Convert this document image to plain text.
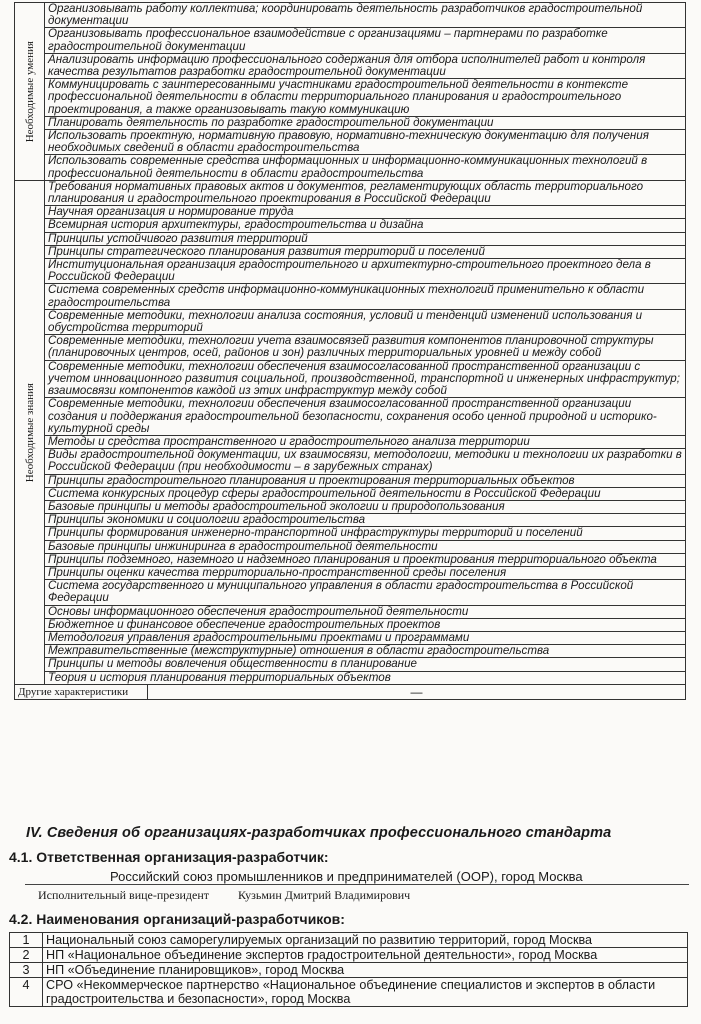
Необходимые умения	Организовывать работу коллектива; координировать деятельность разработчиков градостроительной документации	
	Организовывать профессиональное взаимодействие с организациями – партнерами по разработке градостроительной документации	
	Анализировать информацию профессионального содержания для отбора исполнителей работ и контроля качества результатов разработки градостроительной документации	
	Коммуницировать с заинтересованными участниками градостроительной деятельности в контексте профессиональной деятельности в области территориального планирования и градостроительного проектирования, а также организовывать такую коммуникацию	
	Планировать деятельность по разработке градостроительной документации	
	Использовать проектную, нормативную правовую, нормативно-техническую документацию для получения необходимых сведений в области градостроительства	
	Использовать современные средства информационных и информационно-коммуникационных технологий в профессиональной деятельности в области градостроительства	

Необходимые знания	Требования нормативных правовых актов и документов, регламентирующих область территориального планирования и градостроительного проектирования в Российской Федерации	
	Научная организация и нормирование труда	
	Всемирная история архитектуры, градостроительства и дизайна	
	Принципы устойчивого развития территорий	
	Принципы стратегического планирования развития территорий и поселений	
	Институциональная организация градостроительного и архитектурно-строительного проектного дела в Российской Федерации	
	Система современных средств информационно-коммуникационных технологий применительно к области градостроительства	
	Современные методики, технологии анализа состояния, условий и тенденций изменений использования и обустройства территорий	
	Современные методики, технологии учета взаимосвязей развития компонентов планировочной структуры (планировочных центров, осей, районов и зон) различных территориальных уровней и между собой	
	Современные методики, технологии обеспечения взаимосогласованной пространственной организации с учетом инновационного развития социальной, производственной, транспортной и инженерных инфраструктур; взаимосвязи компонентов каждой из этих инфраструктур между собой	
	Современные методики, технологии обеспечения взаимосогласованной пространственной организации создания и поддержания градостроительной безопасности, сохранения особо ценной природной и историко-культурной среды	
	Методы и средства пространственного и градостроительного анализа территории	
	Виды градостроительной документации, их взаимосвязи, методологии, методики и технологии их разработки в Российской Федерации (при необходимости – в зарубежных странах)	
	Принципы градостроительного планирования и проектирования территориальных объектов	
	Система конкурсных процедур сферы градостроительной деятельности в Российской Федерации	
	Базовые принципы и методы градостроительной экологии и природопользования	
	Принципы экономики и социологии градостроительства	
	Принципы формирования инженерно-транспортной инфраструктуры территорий и поселений	
	Базовые принципы инжиниринга в градостроительной деятельности	
	Принципы подземного, наземного и надземного планирования и проектирования территориального объекта	
	Принципы оценки качества территориально-пространственной среды поселения	
	Система государственного и муниципального управления в области градостроительства в Российской Федерации	
	Основы информационного обеспечения градостроительной деятельности	
	Бюджетное и финансовое обеспечение градостроительных проектов	
	Методология управления градостроительными проектами и программами	
	Межправительственные (межструктурные) отношения в области градостроительства	
	Принципы и методы вовлечения общественности в планирование	
	Теория и история планирования территориальных объектов	
Другие характеристики		—
IV. Сведения об организациях-разработчиках профессионального стандарта
4.1. Ответственная организация-разработчик:
Российский союз промышленников и предпринимателей (ООР), город Москва
Исполнительный вице-президент Кузьмин Дмитрий Владимирович
4.2. Наименования организаций-разработчиков:
1	Национальный союз саморегулируемых организаций по развитию территорий, город Москва
2	НП «Национальное объединение экспертов градостроительной деятельности», город Москва
3	НП «Объединение планировщиков», город Москва
4	СРО «Некоммерческое партнерство «Национальное объединение специалистов и экспертов в области градостроительства и безопасности», город Москва
